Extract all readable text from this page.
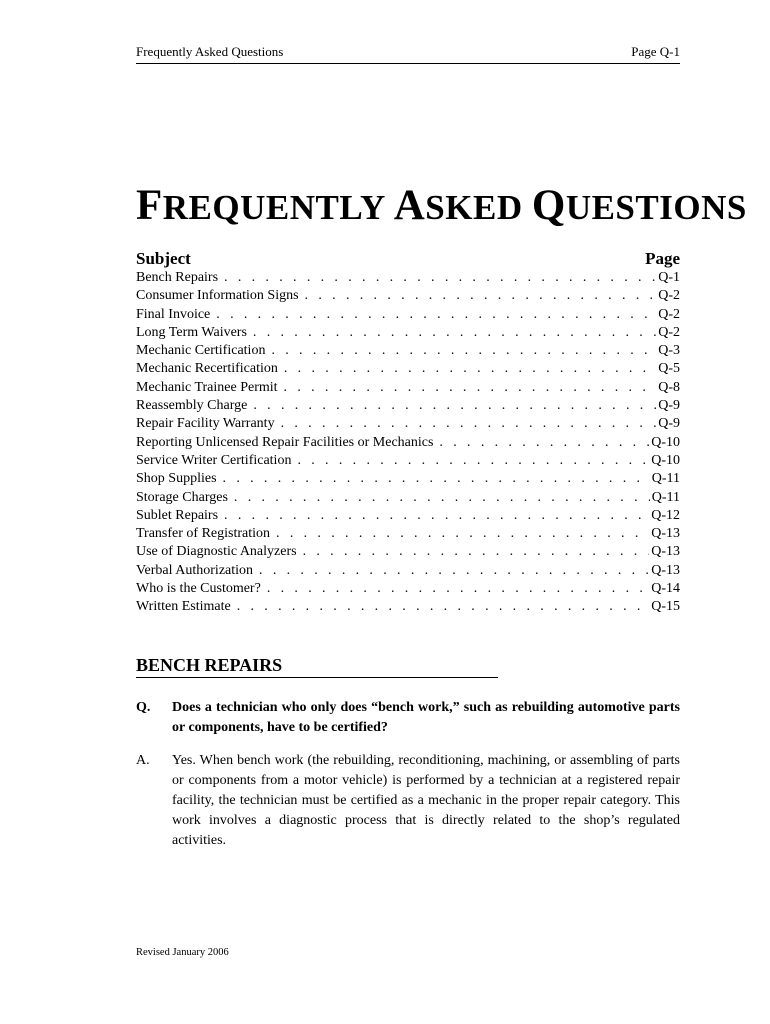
Frequently Asked Questions	Page Q-1
FREQUENTLY ASKED QUESTIONS
Subject	Page
Bench Repairs . . .	Q-1
Consumer Information Signs . . .	Q-2
Final Invoice . . .	Q-2
Long Term Waivers . . .	Q-2
Mechanic Certification . . .	Q-3
Mechanic Recertification . . .	Q-5
Mechanic Trainee Permit . . .	Q-8
Reassembly Charge . . .	Q-9
Repair Facility Warranty . . .	Q-9
Reporting Unlicensed Repair Facilities or Mechanics . . .	Q-10
Service Writer Certification . . .	Q-10
Shop Supplies . . .	Q-11
Storage Charges . . .	Q-11
Sublet Repairs . . .	Q-12
Transfer of Registration . . .	Q-13
Use of Diagnostic Analyzers . . .	Q-13
Verbal Authorization . . .	Q-13
Who is the Customer? . . .	Q-14
Written Estimate . . .	Q-15
BENCH REPAIRS
Q.	Does a technician who only does “bench work,” such as rebuilding automotive parts or components, have to be certified?
A.	Yes. When bench work (the rebuilding, reconditioning, machining, or assembling of parts or components from a motor vehicle) is performed by a technician at a registered repair facility, the technician must be certified as a mechanic in the proper repair category. This work involves a diagnostic process that is directly related to the shop’s regulated activities.
Revised January 2006
